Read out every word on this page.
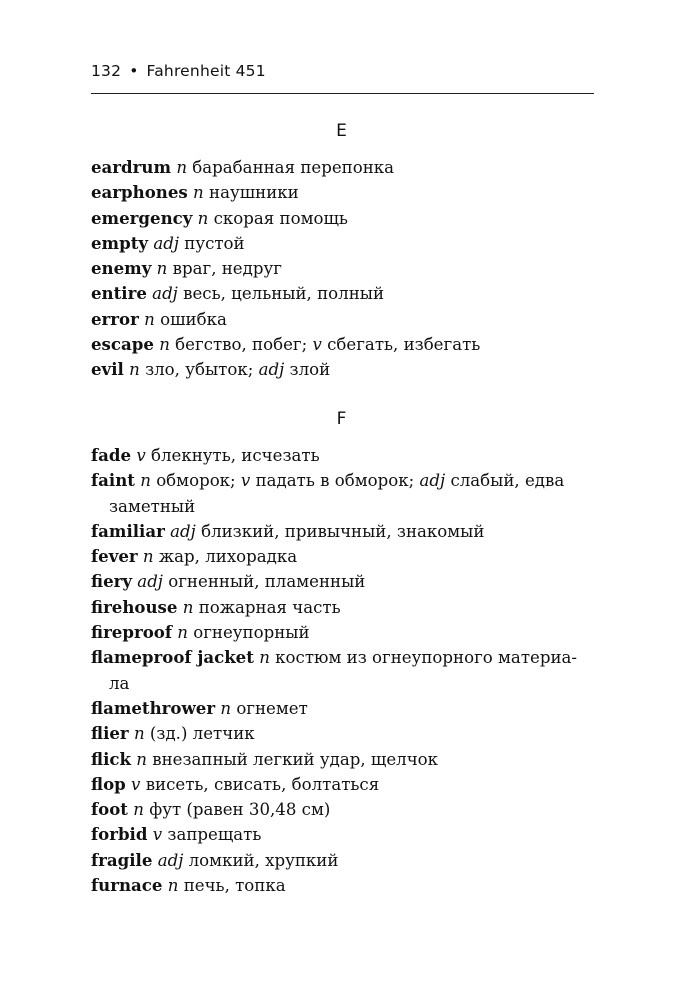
132 • Fahrenheit 451
E
eardrum n барабанная перепонка
earphones n наушники
emergency n скорая помощь
empty adj пустой
enemy n враг, недруг
entire adj весь, цельный, полный
error n ошибка
escape n бегство, побег; v сбегать, избегать
evil n зло, убыток; adj злой
F
fade v блекнуть, исчезать
faint n обморок; v падать в обморок; adj слабый, едва
заметный
familiar adj близкий, привычный, знакомый
fever n жар, лихорадка
fiery adj огненный, пламенный
firehouse n пожарная часть
fireproof n огнеупорный
flameproof jacket n костюм из огнеупорного материа-
ла
flamethrower n огнемет
flier n (зд.) летчик
flick n внезапный легкий удар, щелчок
flop v висеть, свисать, болтаться
foot n фут (равен 30,48 см)
forbid v запрещать
fragile adj ломкий, хрупкий
furnace n печь, топка
